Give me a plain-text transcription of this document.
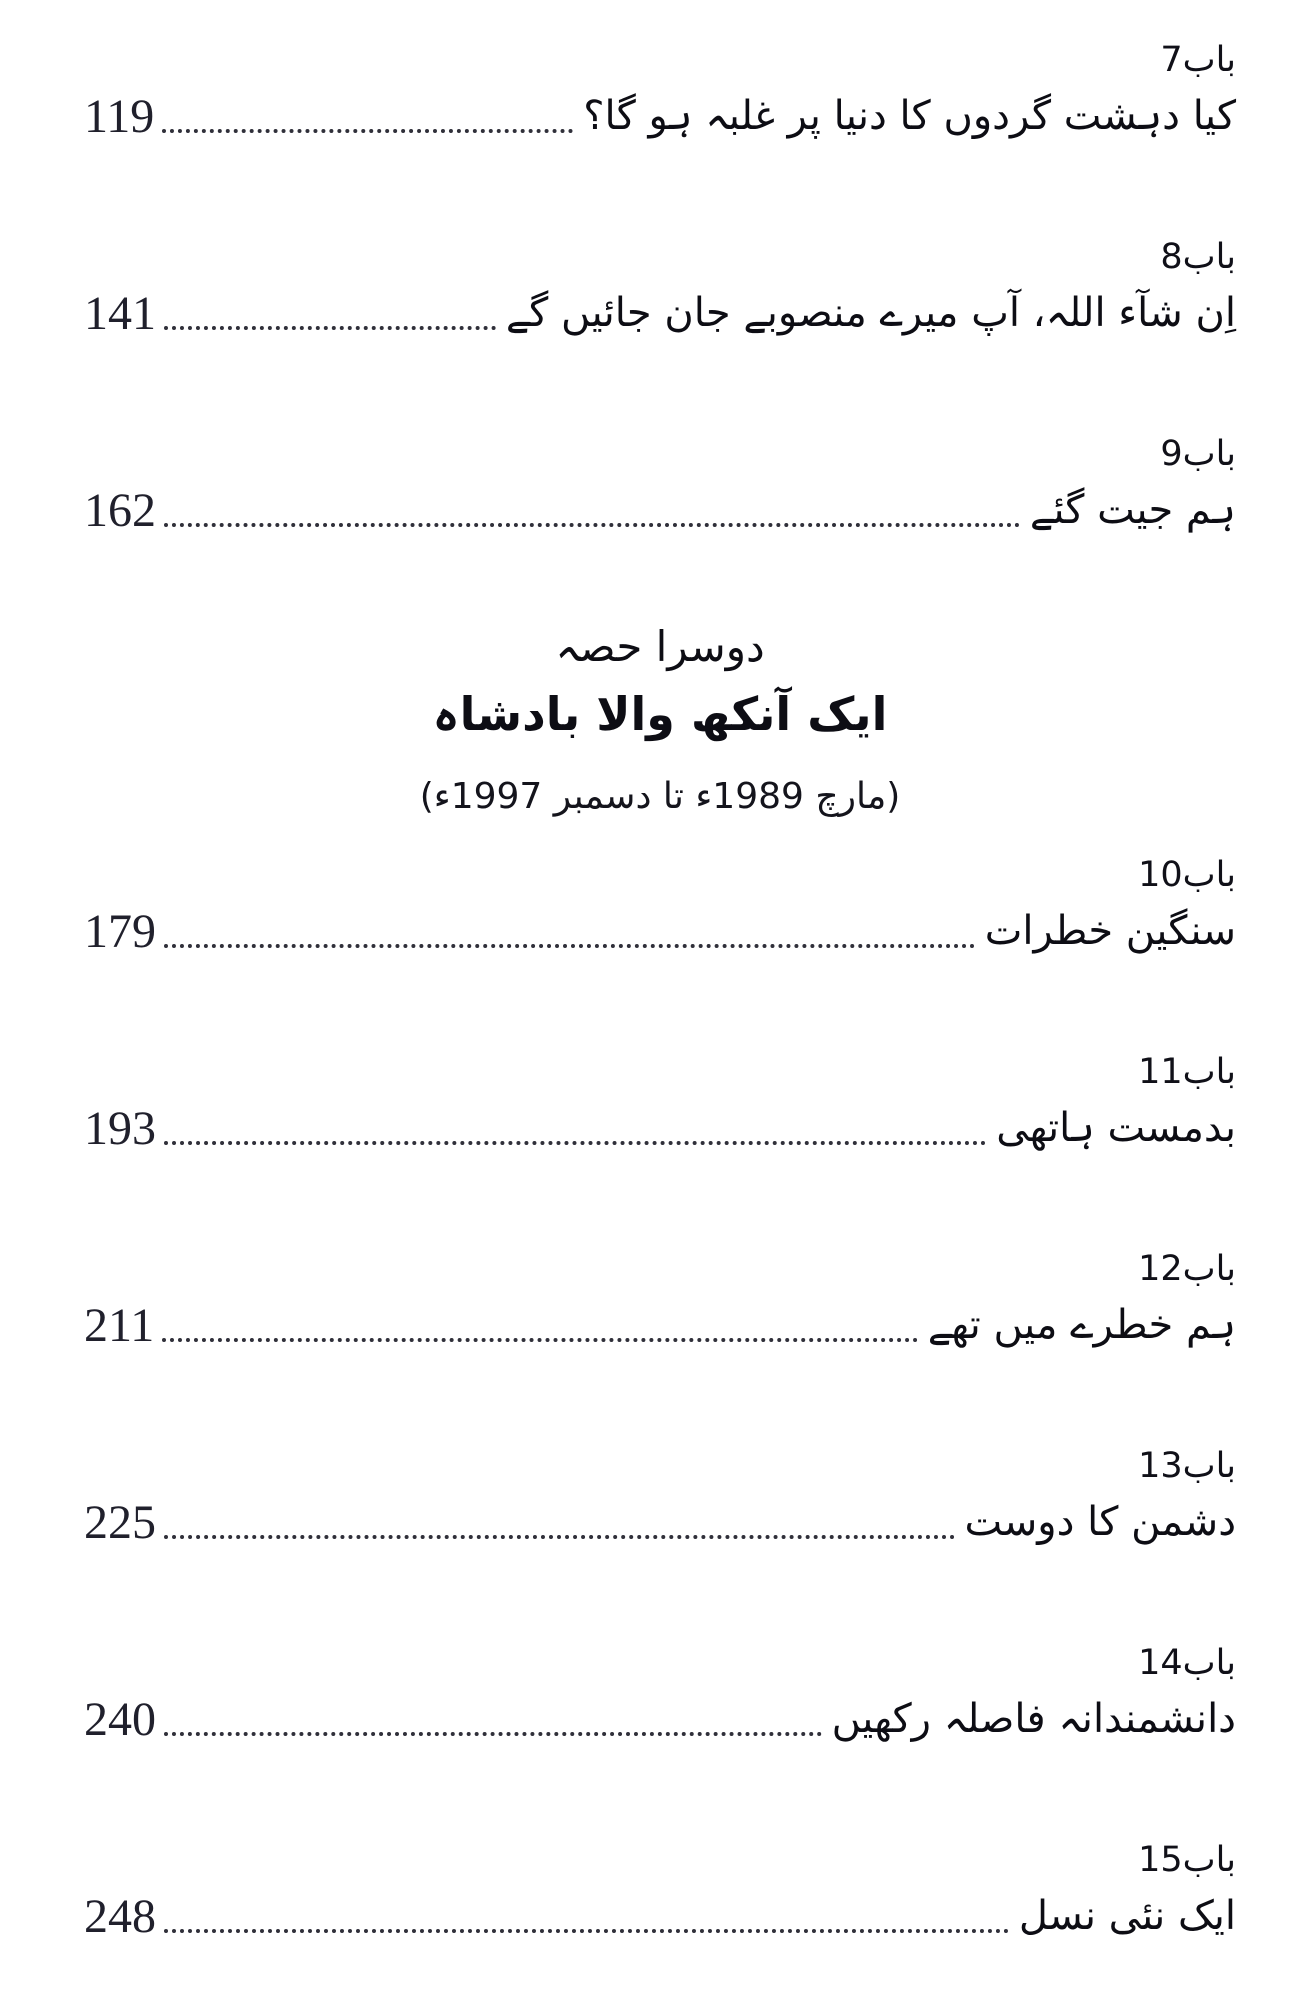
باب7
کیا دہشت گردوں کا دنیا پر غلبہ ہو گا؟
119
باب8
اِن شآء اللہ، آپ میرے منصوبے جان جائیں گے
141
باب9
ہم جیت گئے
162
دوسرا حصہ
ایک آنکھ والا بادشاہ
(مارچ 1989ء تا دسمبر 1997ء)
باب10
سنگین خطرات
179
باب11
بدمست ہاتھی
193
باب12
ہم خطرے میں تھے
211
باب13
دشمن کا دوست
225
باب14
دانشمندانہ فاصلہ رکھیں
240
باب15
ایک نئی نسل
248
